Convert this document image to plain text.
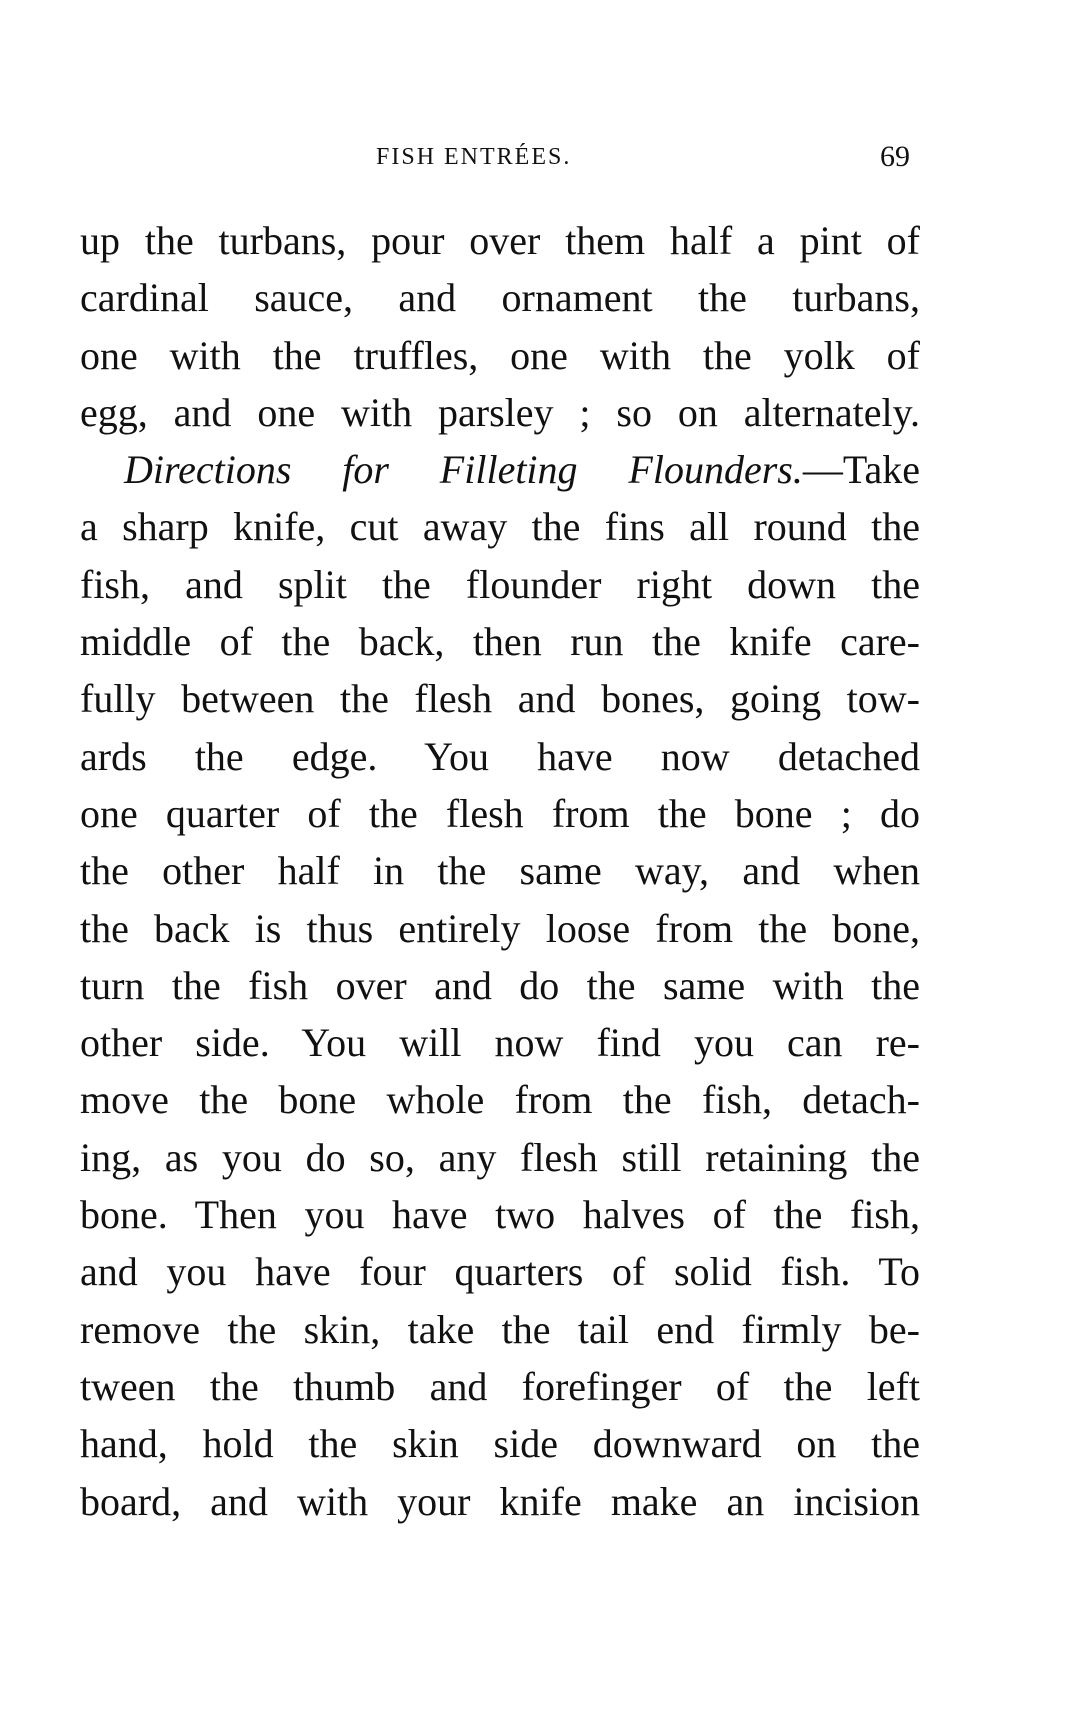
FISH ENTRÉES.	69
up the turbans, pour over them half a pint of
cardinal sauce, and ornament the turbans,
one with the truffles, one with the yolk of
egg, and one with parsley ; so on alternately.
Directions for Filleting Flounders.—Take
a sharp knife, cut away the fins all round the
fish, and split the flounder right down the
middle of the back, then run the knife care-
fully between the flesh and bones, going tow-
ards the edge. You have now detached
one quarter of the flesh from the bone ; do
the other half in the same way, and when
the back is thus entirely loose from the bone,
turn the fish over and do the same with the
other side. You will now find you can re-
move the bone whole from the fish, detach-
ing, as you do so, any flesh still retaining the
bone. Then you have two halves of the fish,
and you have four quarters of solid fish. To
remove the skin, take the tail end firmly be-
tween the thumb and forefinger of the left
hand, hold the skin side downward on the
board, and with your knife make an incision
